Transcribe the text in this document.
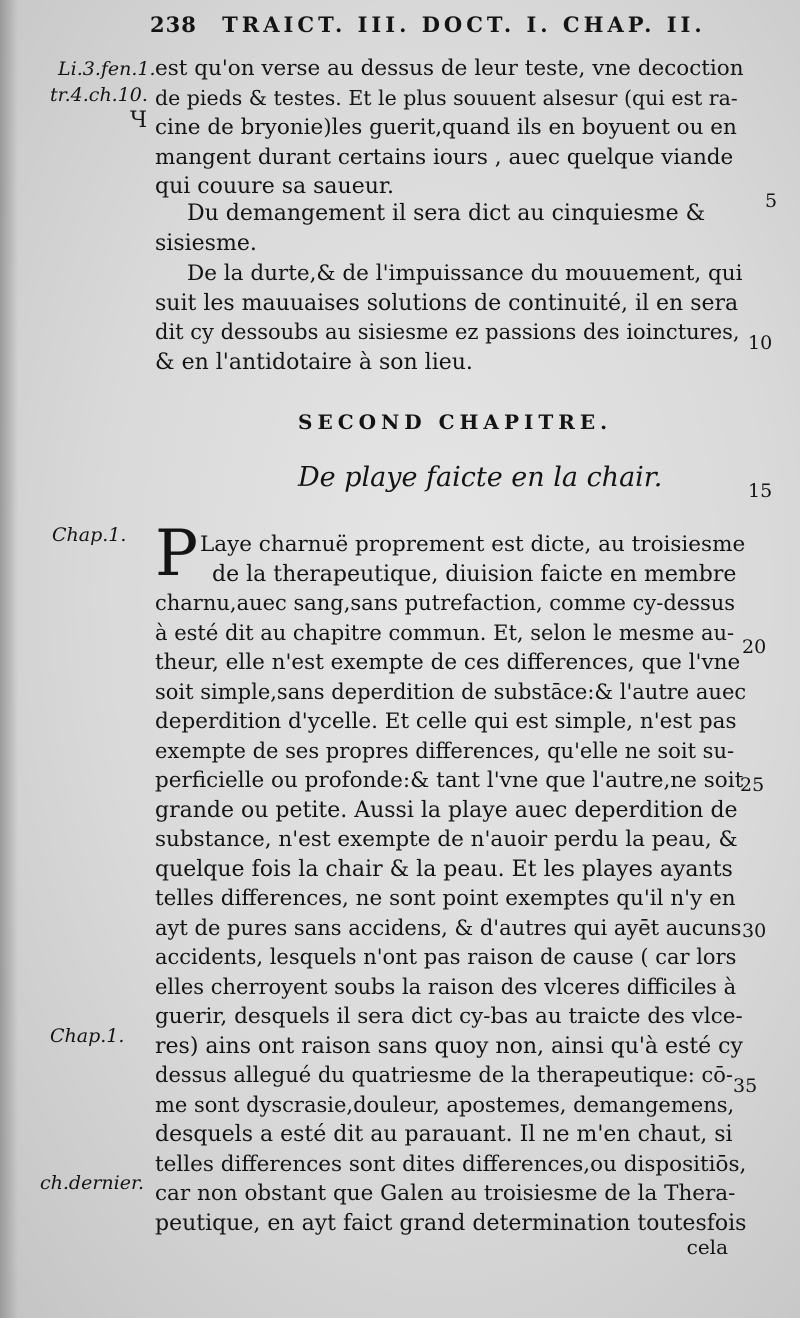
238 TRAICT. III. DOCT. I. CHAP. II.
Li.3.fen.1.
tr.4.ch.10.
Ч
Chap.1.
Chap.1.
ch.dernier.
5
10
15
20
25
30
35
est qu'on verse au dessus de leur teste, vne decoction
de pieds & testes. Et le plus souuent alsesur (qui est ra-
cine de bryonie)les guerit,quand ils en boyuent ou en
mangent durant certains iours , auec quelque viande
qui couure sa saueur.
Du demangement il sera dict au cinquiesme &
sisiesme.
De la durte,& de l'impuissance du mouuement, qui
suit les mauuaises solutions de continuité, il en sera
dit cy dessoubs au sisiesme ez passions des ioinctures,
& en l'antidotaire à son lieu.
SECOND CHAPITRE.
De playe faicte en la chair.
P Laye charnuë proprement est dicte, au troisiesme
de la therapeutique, diuision faicte en membre
charnu,auec sang,sans putrefaction, comme cy-dessus
à esté dit au chapitre commun. Et, selon le mesme au-
theur, elle n'est exempte de ces differences, que l'vne
soit simple,sans deperdition de substāce:& l'autre auec
deperdition d'ycelle. Et celle qui est simple, n'est pas
exempte de ses propres differences, qu'elle ne soit su-
perficielle ou profonde:& tant l'vne que l'autre,ne soit
grande ou petite. Aussi la playe auec deperdition de
substance, n'est exempte de n'auoir perdu la peau, &
quelque fois la chair & la peau. Et les playes ayants
telles differences, ne sont point exemptes qu'il n'y en
ayt de pures sans accidens, & d'autres qui ayēt aucuns
accidents, lesquels n'ont pas raison de cause ( car lors
elles cherroyent soubs la raison des vlceres difficiles à
guerir, desquels il sera dict cy-bas au traicte des vlce-
res) ains ont raison sans quoy non, ainsi qu'à esté cy
dessus allegué du quatriesme de la therapeutique: cō-
me sont dyscrasie,douleur, apostemes, demangemens,
desquels a esté dit au parauant. Il ne m'en chaut, si
telles differences sont dites differences,ou dispositiōs,
car non obstant que Galen au troisiesme de la Thera-
peutique, en ayt faict grand determination toutesfois
cela
